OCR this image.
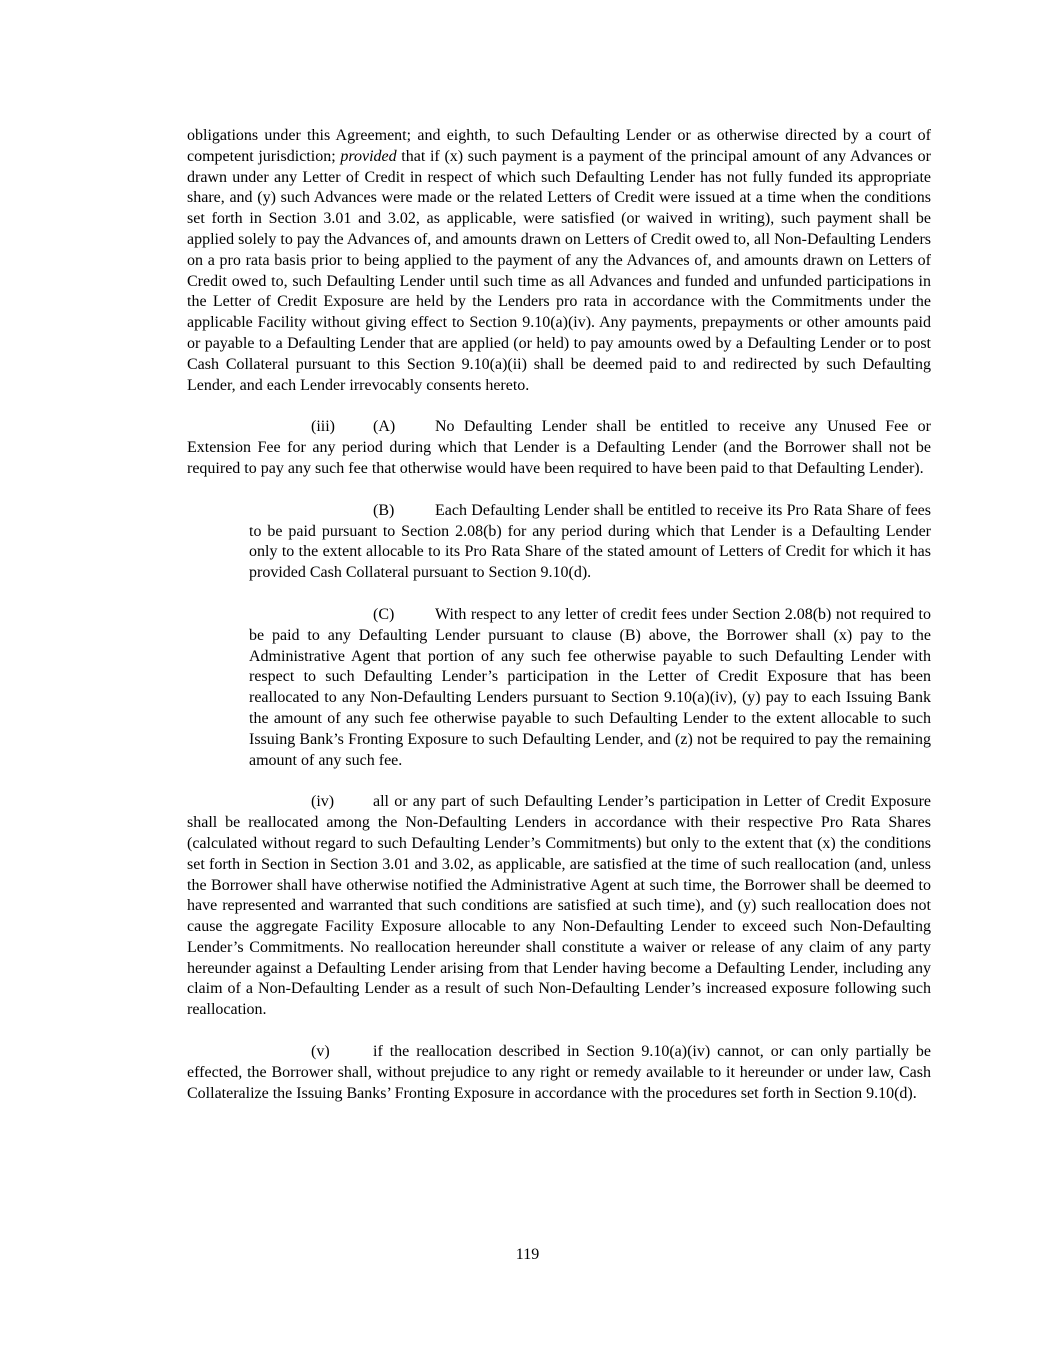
obligations under this Agreement; and eighth, to such Defaulting Lender or as otherwise directed by a court of competent jurisdiction; provided that if (x) such payment is a payment of the principal amount of any Advances or drawn under any Letter of Credit in respect of which such Defaulting Lender has not fully funded its appropriate share, and (y) such Advances were made or the related Letters of Credit were issued at a time when the conditions set forth in Section 3.01 and 3.02, as applicable, were satisfied (or waived in writing), such payment shall be applied solely to pay the Advances of, and amounts drawn on Letters of Credit owed to, all Non-Defaulting Lenders on a pro rata basis prior to being applied to the payment of any the Advances of, and amounts drawn on Letters of Credit owed to, such Defaulting Lender until such time as all Advances and funded and unfunded participations in the Letter of Credit Exposure are held by the Lenders pro rata in accordance with the Commitments under the applicable Facility without giving effect to Section 9.10(a)(iv). Any payments, prepayments or other amounts paid or payable to a Defaulting Lender that are applied (or held) to pay amounts owed by a Defaulting Lender or to post Cash Collateral pursuant to this Section 9.10(a)(ii) shall be deemed paid to and redirected by such Defaulting Lender, and each Lender irrevocably consents hereto.

(iii) (A) No Defaulting Lender shall be entitled to receive any Unused Fee or Extension Fee for any period during which that Lender is a Defaulting Lender (and the Borrower shall not be required to pay any such fee that otherwise would have been required to have been paid to that Defaulting Lender).

(B)	Each Defaulting Lender shall be entitled to receive its Pro Rata Share of fees to be paid pursuant to Section 2.08(b) for any period during which that Lender is a Defaulting Lender only to the extent allocable to its Pro Rata Share of the stated amount of Letters of Credit for which it has provided Cash Collateral pursuant to Section 9.10(d).

(C)	With respect to any letter of credit fees under Section 2.08(b) not required to be paid to any Defaulting Lender pursuant to clause (B) above, the Borrower shall (x) pay to the Administrative Agent that portion of any such fee otherwise payable to such Defaulting Lender with respect to such Defaulting Lender’s participation in the Letter of Credit Exposure that has been reallocated to any Non-Defaulting Lenders pursuant to Section 9.10(a)(iv), (y) pay to each Issuing Bank the amount of any such fee otherwise payable to such Defaulting Lender to the extent allocable to such Issuing Bank’s Fronting Exposure to such Defaulting Lender, and (z) not be required to pay the remaining amount of any such fee.

(iv) all or any part of such Defaulting Lender’s participation in Letter of Credit Exposure shall be reallocated among the Non-Defaulting Lenders in accordance with their respective Pro Rata Shares (calculated without regard to such Defaulting Lender’s Commitments) but only to the extent that (x) the conditions set forth in Section in Section 3.01 and 3.02, as applicable, are satisfied at the time of such reallocation (and, unless the Borrower shall have otherwise notified the Administrative Agent at such time, the Borrower shall be deemed to have represented and warranted that such conditions are satisfied at such time), and (y) such reallocation does not cause the aggregate Facility Exposure allocable to any Non-Defaulting Lender to exceed such Non-Defaulting Lender’s Commitments. No reallocation hereunder shall constitute a waiver or release of any claim of any party hereunder against a Defaulting Lender arising from that Lender having become a Defaulting Lender, including any claim of a Non-Defaulting Lender as a result of such Non-Defaulting Lender’s increased exposure following such reallocation.

(v)	if the reallocation described in Section 9.10(a)(iv) cannot, or can only partially be effected, the Borrower shall, without prejudice to any right or remedy available to it hereunder or under law, Cash Collateralize the Issuing Banks’ Fronting Exposure in accordance with the procedures set forth in Section 9.10(d).

119
